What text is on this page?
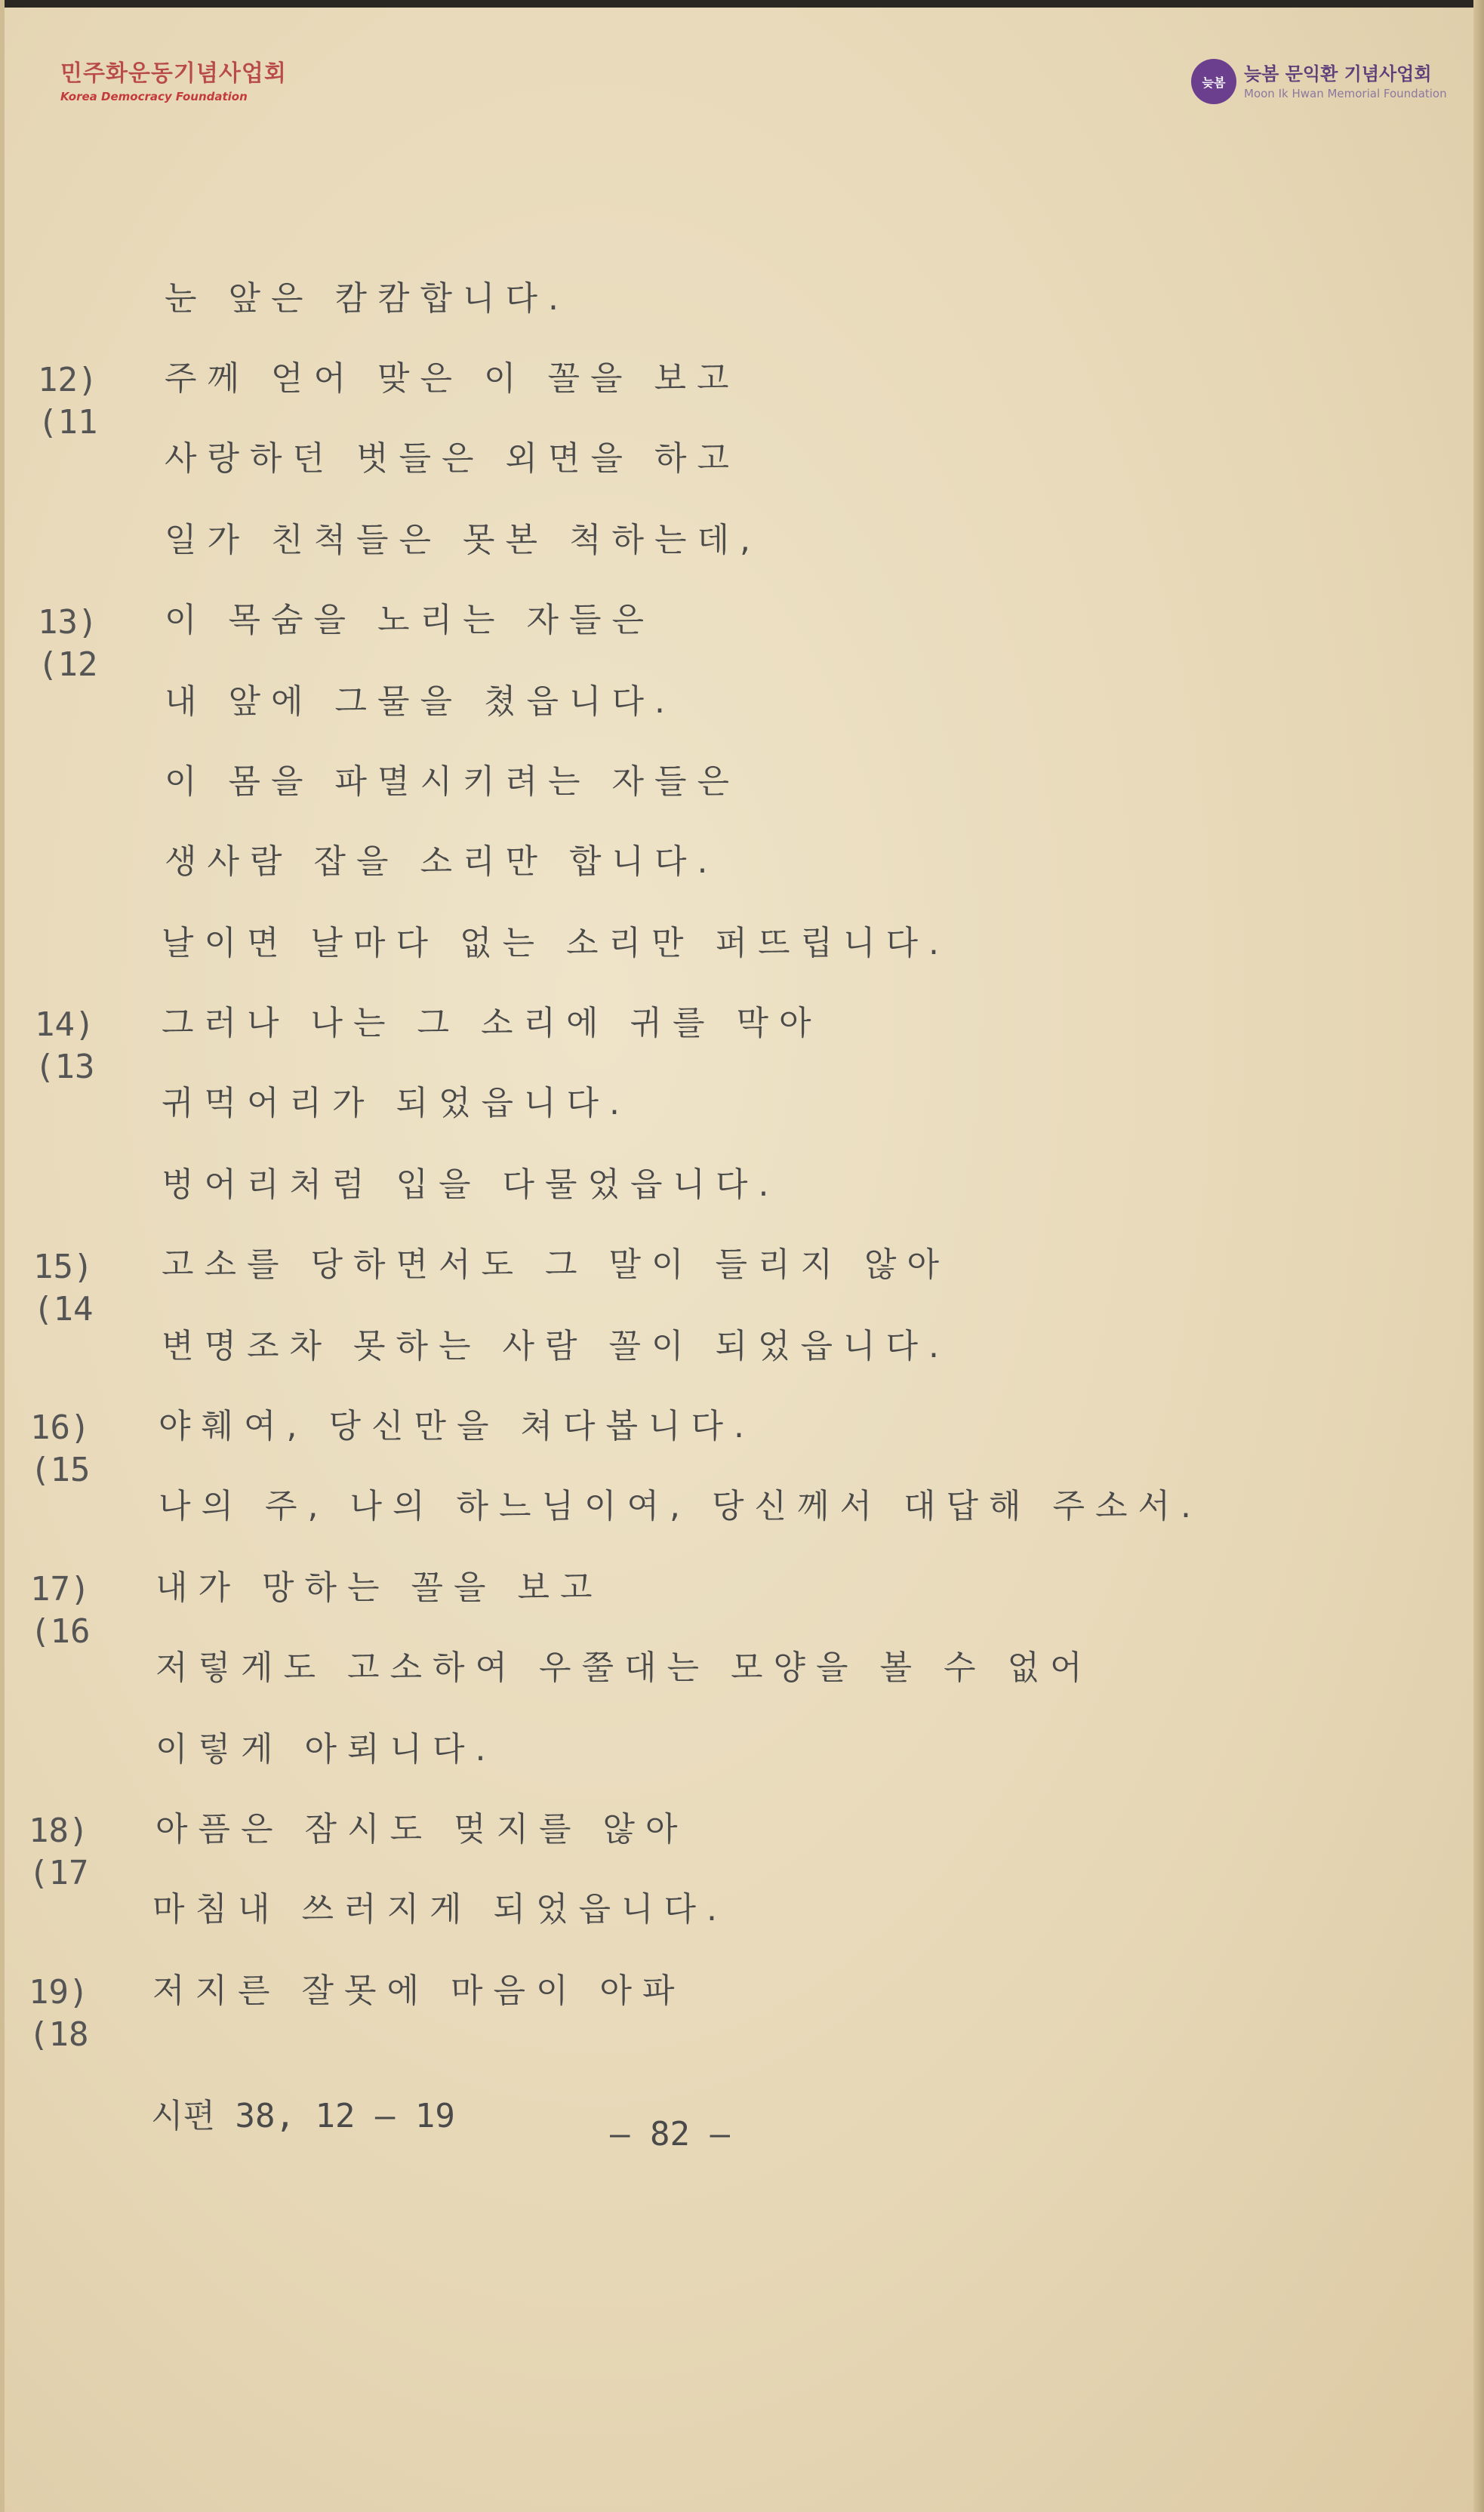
민주화운동기념사업회
Korea Democracy Foundation
늦봄	늦봄 문익환 기념사업회
Moon Ik Hwan Memorial Foundation
12)
(11
13)
(12
14)
(13
15)
(14
16)
(15
17)
(16
18)
(17
19)
(18
눈 앞은 캄캄합니다.
주께 얻어 맞은 이 꼴을 보고
사랑하던 벗들은 외면을 하고
일가 친척들은 못본 척하는데,
이 목숨을 노리는 자들은
내 앞에 그물을 쳤읍니다.
이 몸을 파멸시키려는 자들은
생사람 잡을 소리만 합니다.
날이면 날마다 없는 소리만 퍼뜨립니다.
그러나 나는 그 소리에 귀를 막아
귀먹어리가 되었읍니다.
벙어리처럼 입을 다물었읍니다.
고소를 당하면서도 그 말이 들리지 않아
변명조차 못하는 사람 꼴이 되었읍니다.
야훼여, 당신만을 쳐다봅니다.
나의 주, 나의 하느님이여, 당신께서 대답해 주소서.
내가 망하는 꼴을 보고
저렇게도 고소하여 우쭐대는 모양을 볼 수 없어
이렇게 아뢰니다.
아픔은 잠시도 멎지를 않아
마침내 쓰러지게 되었읍니다.
저지른 잘못에 마음이 아파
시편 38, 12 — 19	— 82 —
